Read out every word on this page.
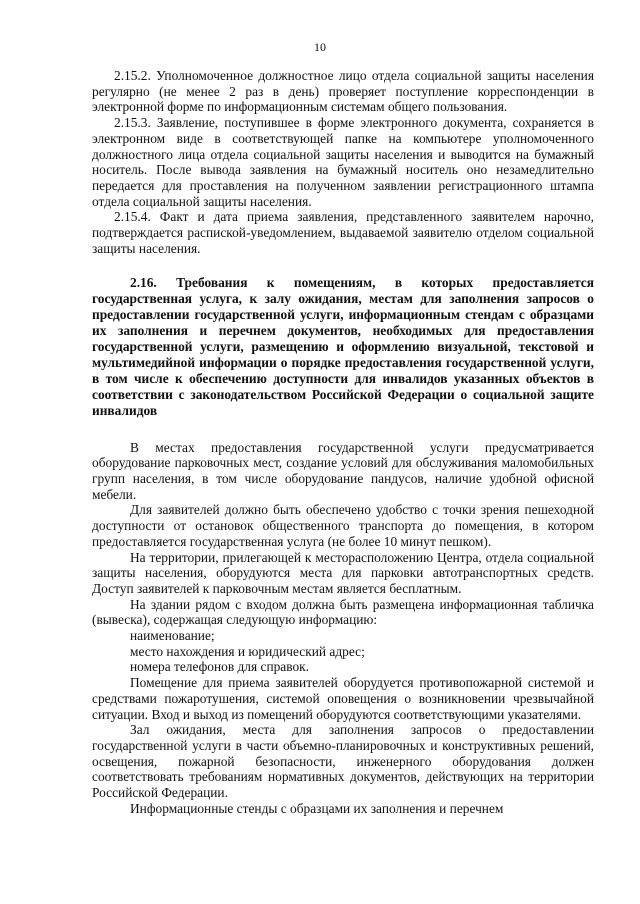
10

2.15.2. Уполномоченное должностное лицо отдела социальной защиты населения регулярно (не менее 2 раз в день) проверяет поступление корреспонденции в электронной форме по информационным системам общего пользования.

2.15.3. Заявление, поступившее в форме электронного документа, сохраняется в электронном виде в соответствующей папке на компьютере уполномоченного должностного лица отдела социальной защиты населения и выводится на бумажный носитель. После вывода заявления на бумажный носитель оно незамедлительно передается для проставления на полученном заявлении регистрационного штампа отдела социальной защиты населения.

2.15.4. Факт и дата приема заявления, представленного заявителем нарочно, подтверждается распиской-уведомлением, выдаваемой заявителю отделом социальной защиты населения.

2.16. Требования к помещениям, в которых предоставляется государственная услуга, к залу ожидания, местам для заполнения запросов о предоставлении государственной услуги, информационным стендам с образцами их заполнения и перечнем документов, необходимых для предоставления государственной услуги, размещению и оформлению визуальной, текстовой и мультимедийной информации о порядке предоставления государственной услуги, в том числе к обеспечению доступности для инвалидов указанных объектов в соответствии с законодательством Российской Федерации о социальной защите инвалидов

В местах предоставления государственной услуги предусматривается оборудование парковочных мест, создание условий для обслуживания маломобильных групп населения, в том числе оборудование пандусов, наличие удобной офисной мебели.

Для заявителей должно быть обеспечено удобство с точки зрения пешеходной доступности от остановок общественного транспорта до помещения, в котором предоставляется государственная услуга (не более 10 минут пешком).

На территории, прилегающей к месторасположению Центра, отдела социальной защиты населения, оборудуются места для парковки автотранспортных средств. Доступ заявителей к парковочным местам является бесплатным.

На здании рядом с входом должна быть размещена информационная табличка (вывеска), содержащая следующую информацию:

наименование;

место нахождения и юридический адрес;

номера телефонов для справок.

Помещение для приема заявителей оборудуется противопожарной системой и средствами пожаротушения, системой оповещения о возникновении чрезвычайной ситуации. Вход и выход из помещений оборудуются соответствующими указателями.

Зал ожидания, места для заполнения запросов о предоставлении государственной услуги в части объемно-планировочных и конструктивных решений, освещения, пожарной безопасности, инженерного оборудования должен соответствовать требованиям нормативных документов, действующих на территории Российской Федерации.

Информационные стенды с образцами их заполнения и перечнем
